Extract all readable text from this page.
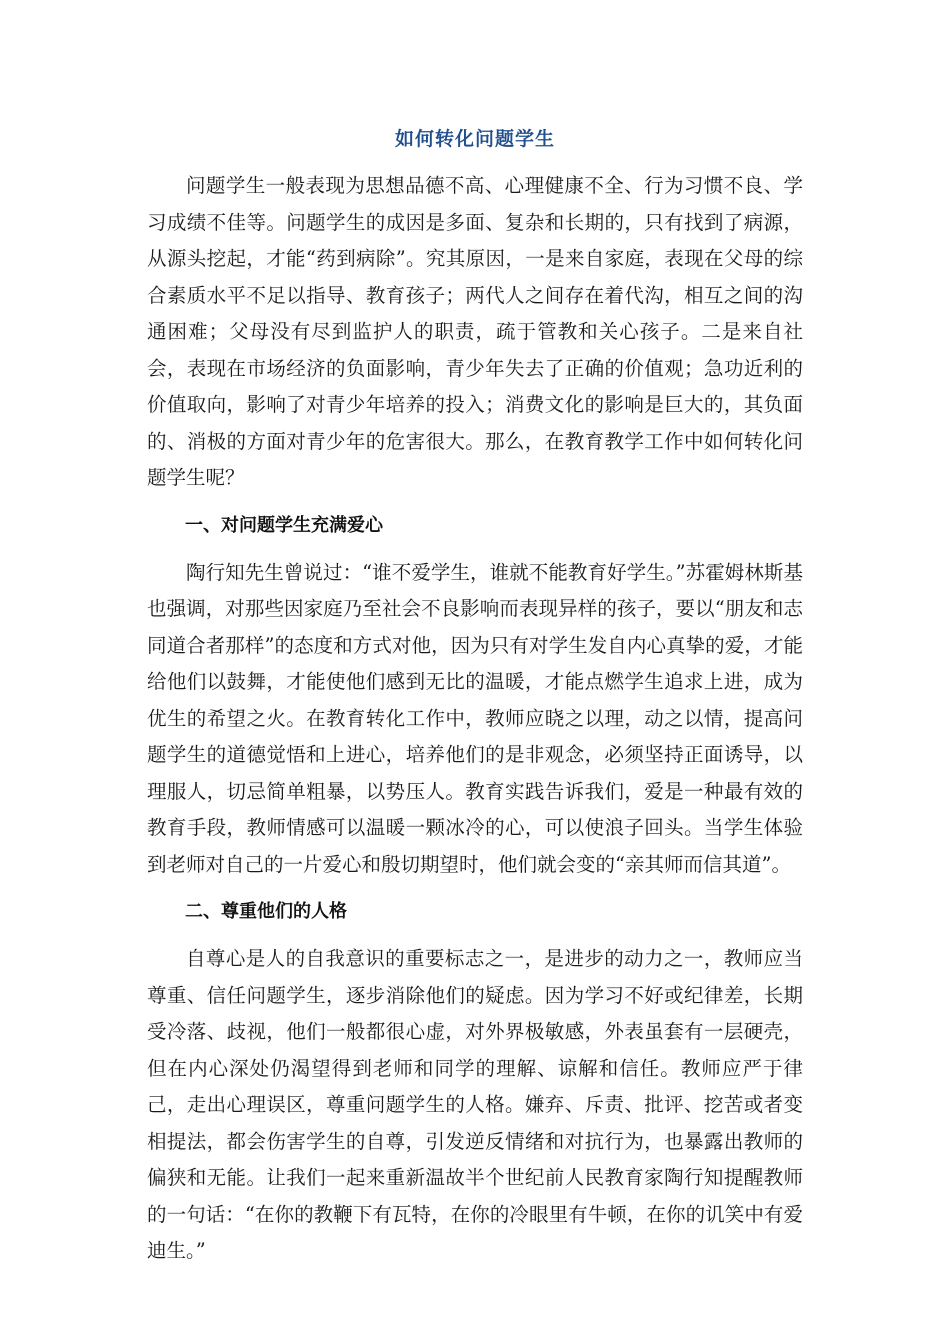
如何转化问题学生

问题学生一般表现为思想品德不高、心理健康不全、行为习惯不良、学习成绩不佳等。问题学生的成因是多面、复杂和长期的，只有找到了病源，从源头挖起，才能“药到病除”。究其原因，一是来自家庭，表现在父母的综合素质水平不足以指导、教育孩子；两代人之间存在着代沟，相互之间的沟通困难；父母没有尽到监护人的职责，疏于管教和关心孩子。二是来自社会，表现在市场经济的负面影响，青少年失去了正确的价值观；急功近利的价值取向，影响了对青少年培养的投入；消费文化的影响是巨大的，其负面的、消极的方面对青少年的危害很大。那么，在教育教学工作中如何转化问题学生呢？

一、对问题学生充满爱心

陶行知先生曾说过：“谁不爱学生，谁就不能教育好学生。”苏霍姆林斯基也强调，对那些因家庭乃至社会不良影响而表现异样的孩子，要以“朋友和志同道合者那样”的态度和方式对他，因为只有对学生发自内心真挚的爱，才能给他们以鼓舞，才能使他们感到无比的温暖，才能点燃学生追求上进，成为优生的希望之火。在教育转化工作中，教师应晓之以理，动之以情，提高问题学生的道德觉悟和上进心，培养他们的是非观念，必须坚持正面诱导，以理服人，切忌简单粗暴，以势压人。教育实践告诉我们，爱是一种最有效的教育手段，教师情感可以温暖一颗冰冷的心，可以使浪子回头。当学生体验到老师对自己的一片爱心和殷切期望时，他们就会变的“亲其师而信其道”。

二、尊重他们的人格

自尊心是人的自我意识的重要标志之一，是进步的动力之一，教师应当尊重、信任问题学生，逐步消除他们的疑虑。因为学习不好或纪律差，长期受冷落、歧视，他们一般都很心虚，对外界极敏感，外表虽套有一层硬壳，但在内心深处仍渴望得到老师和同学的理解、谅解和信任。教师应严于律己，走出心理误区，尊重问题学生的人格。嫌弃、斥责、批评、挖苦或者变相提法，都会伤害学生的自尊，引发逆反情绪和对抗行为，也暴露出教师的偏狭和无能。让我们一起来重新温故半个世纪前人民教育家陶行知提醒教师的一句话：“在你的教鞭下有瓦特，在你的冷眼里有牛顿，在你的讥笑中有爱迪生。”
